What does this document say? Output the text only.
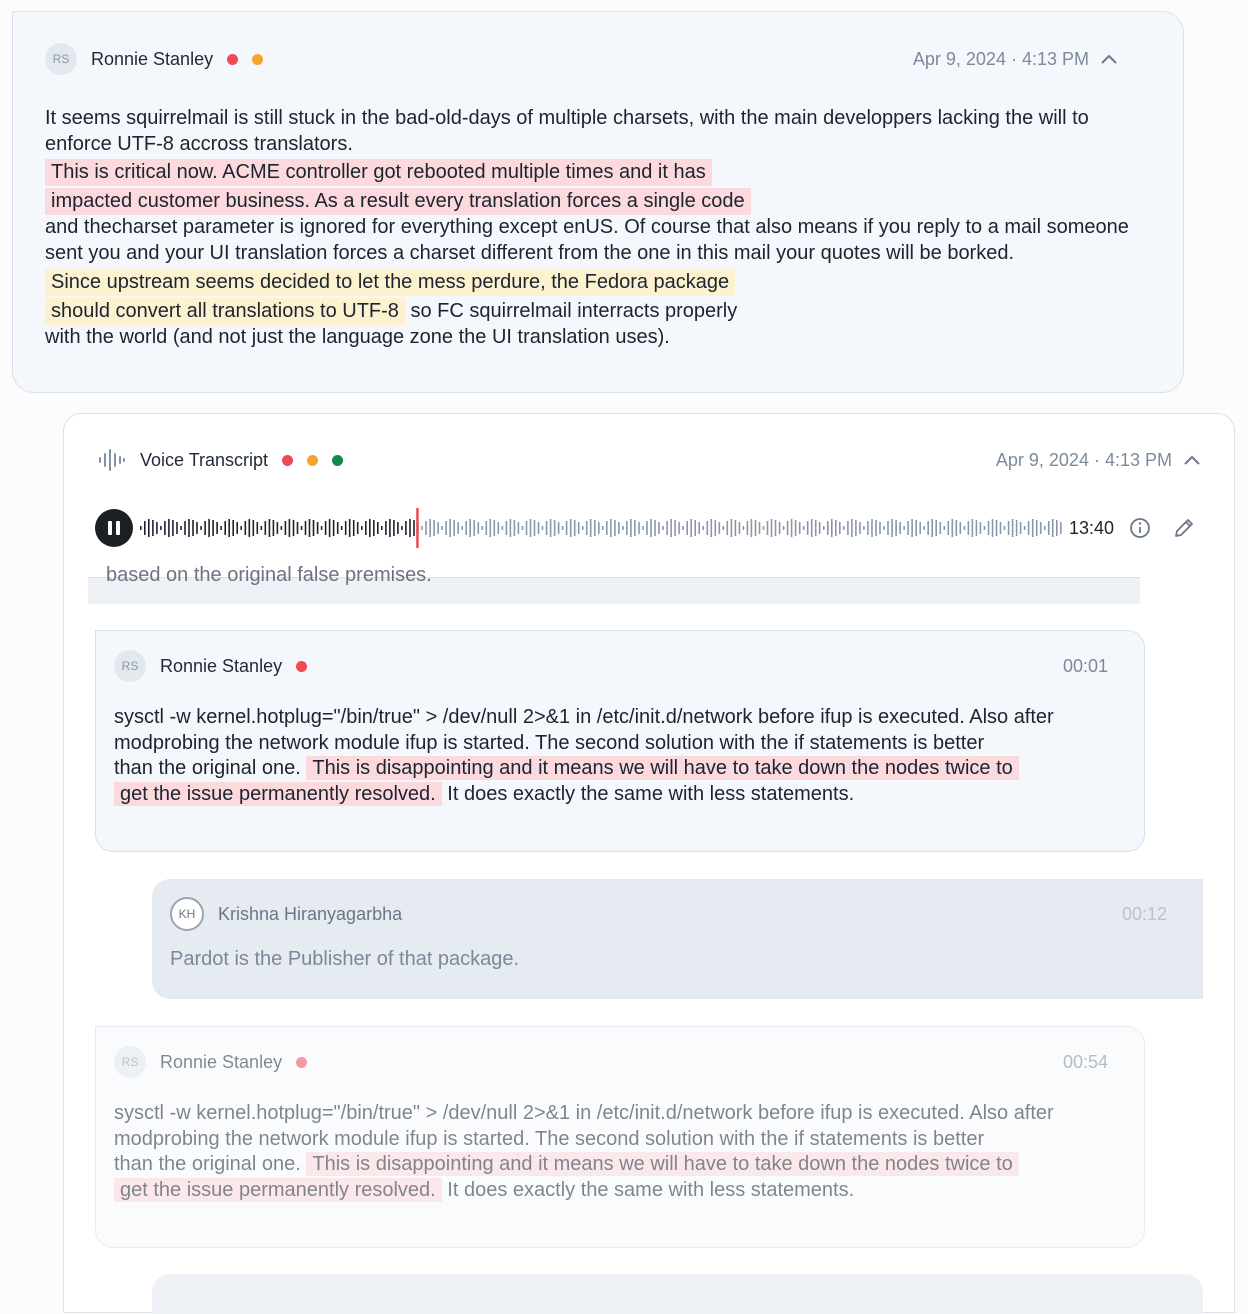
RS	Ronnie Stanley	Apr 9, 2024 · 4:13 PM
It seems squirrelmail is still stuck in the bad-old-days of multiple charsets, with the main developpers lacking the will to enforce UTF-8 accross translators.
This is critical now. ACME controller got rebooted multiple times and it has
impacted customer business. As a result every translation forces a single code
and thecharset parameter is ignored for everything except enUS. Of course that also means if you reply to a mail someone sent you and your UI translation forces a charset different from the one in this mail your quotes will be borked.
Since upstream seems decided to let the mess perdure, the Fedora package
should convert all translations to UTF-8 so FC squirrelmail interracts properly
with the world (and not just the language zone the UI translation uses).
Voice Transcript	Apr 9, 2024 · 4:13 PM
13:40
based on the original false premises.
RS	Ronnie Stanley	00:01
sysctl -w kernel.hotplug="/bin/true" > /dev/null 2>&1 in /etc/init.d/network before ifup is executed. Also after modprobing the network module ifup is started. The second solution with the if statements is better
than the original one. This is disappointing and it means we will have to take down the nodes twice to
get the issue permanently resolved. It does exactly the same with less statements.
KH	Krishna Hiranyagarbha	00:12
Pardot is the Publisher of that package.
RS	Ronnie Stanley	00:54
sysctl -w kernel.hotplug="/bin/true" > /dev/null 2>&1 in /etc/init.d/network before ifup is executed. Also after modprobing the network module ifup is started. The second solution with the if statements is better
than the original one. This is disappointing and it means we will have to take down the nodes twice to
get the issue permanently resolved. It does exactly the same with less statements.
